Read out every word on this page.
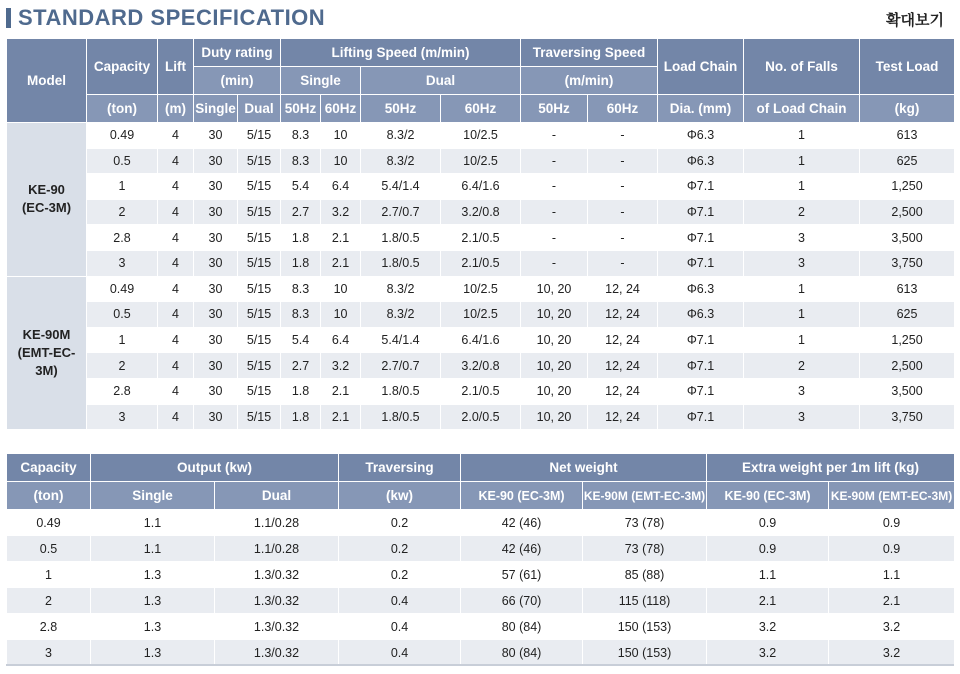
STANDARD SPECIFICATION	확대보기
Model	Capacity	Lift	Duty rating		Lifting Speed (m/min)				Traversing Speed		Load Chain	No. of Falls	Test Load
			(min)		Single		Dual		(m/min)				
	(ton)	(m)	Single	Dual	50Hz	60Hz	50Hz	60Hz	50Hz	60Hz	Dia. (mm)	of Load Chain	(kg)

KE-90
(EC-3M)	0.49	4	30	5/15	8.3	10	8.3/2	10/2.5	-	-	Φ6.3	1	613
	0.5	4	30	5/15	8.3	10	8.3/2	10/2.5	-	-	Φ6.3	1	625
	1	4	30	5/15	5.4	6.4	5.4/1.4	6.4/1.6	-	-	Φ7.1	1	1,250
	2	4	30	5/15	2.7	3.2	2.7/0.7	3.2/0.8	-	-	Φ7.1	2	2,500
	2.8	4	30	5/15	1.8	2.1	1.8/0.5	2.1/0.5	-	-	Φ7.1	3	3,500
	3	4	30	5/15	1.8	2.1	1.8/0.5	2.1/0.5	-	-	Φ7.1	3	3,750

KE-90M
(EMT-EC-3M)	0.49	4	30	5/15	8.3	10	8.3/2	10/2.5	10, 20	12, 24	Φ6.3	1	613
	0.5	4	30	5/15	8.3	10	8.3/2	10/2.5	10, 20	12, 24	Φ6.3	1	625
	1	4	30	5/15	5.4	6.4	5.4/1.4	6.4/1.6	10, 20	12, 24	Φ7.1	1	1,250
	2	4	30	5/15	2.7	3.2	2.7/0.7	3.2/0.8	10, 20	12, 24	Φ7.1	2	2,500
	2.8	4	30	5/15	1.8	2.1	1.8/0.5	2.1/0.5	10, 20	12, 24	Φ7.1	3	3,500
	3	4	30	5/15	1.8	2.1	1.8/0.5	2.0/0.5	10, 20	12, 24	Φ7.1	3	3,750
Capacity	Output (kw)		Traversing	Net weight		Extra weight per 1m lift (kg)	
(ton)	Single	Dual	(kw)	KE-90 (EC-3M)	KE-90M (EMT-EC-3M)	KE-90 (EC-3M)	KE-90M (EMT-EC-3M)
0.49	1.1	1.1/0.28	0.2	42 (46)	73 (78)	0.9	0.9
0.5	1.1	1.1/0.28	0.2	42 (46)	73 (78)	0.9	0.9
1	1.3	1.3/0.32	0.2	57 (61)	85 (88)	1.1	1.1
2	1.3	1.3/0.32	0.4	66 (70)	115 (118)	2.1	2.1
2.8	1.3	1.3/0.32	0.4	80 (84)	150 (153)	3.2	3.2
3	1.3	1.3/0.32	0.4	80 (84)	150 (153)	3.2	3.2
